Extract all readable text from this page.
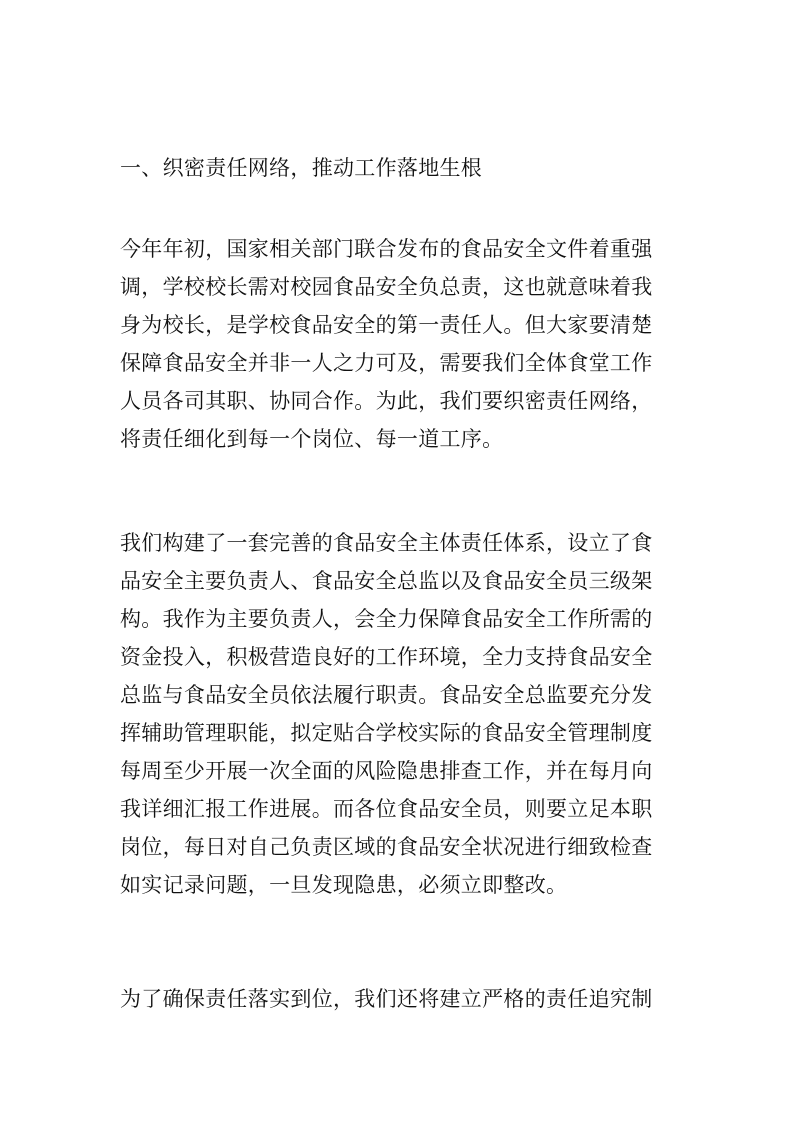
一、织密责任网络，推动工作落地生根
今年年初，国家相关部门联合发布的食品安全文件着重强
调，学校校长需对校园食品安全负总责，这也就意味着我
身为校长，是学校食品安全的第一责任人。但大家要清楚
保障食品安全并非一人之力可及，需要我们全体食堂工作
人员各司其职、协同合作。为此，我们要织密责任网络，
将责任细化到每一个岗位、每一道工序。
我们构建了一套完善的食品安全主体责任体系，设立了食
品安全主要负责人、食品安全总监以及食品安全员三级架
构。我作为主要负责人，会全力保障食品安全工作所需的
资金投入，积极营造良好的工作环境，全力支持食品安全
总监与食品安全员依法履行职责。食品安全总监要充分发
挥辅助管理职能，拟定贴合学校实际的食品安全管理制度
每周至少开展一次全面的风险隐患排查工作，并在每月向
我详细汇报工作进展。而各位食品安全员，则要立足本职
岗位，每日对自己负责区域的食品安全状况进行细致检查
如实记录问题，一旦发现隐患，必须立即整改。
为了确保责任落实到位，我们还将建立严格的责任追究制
